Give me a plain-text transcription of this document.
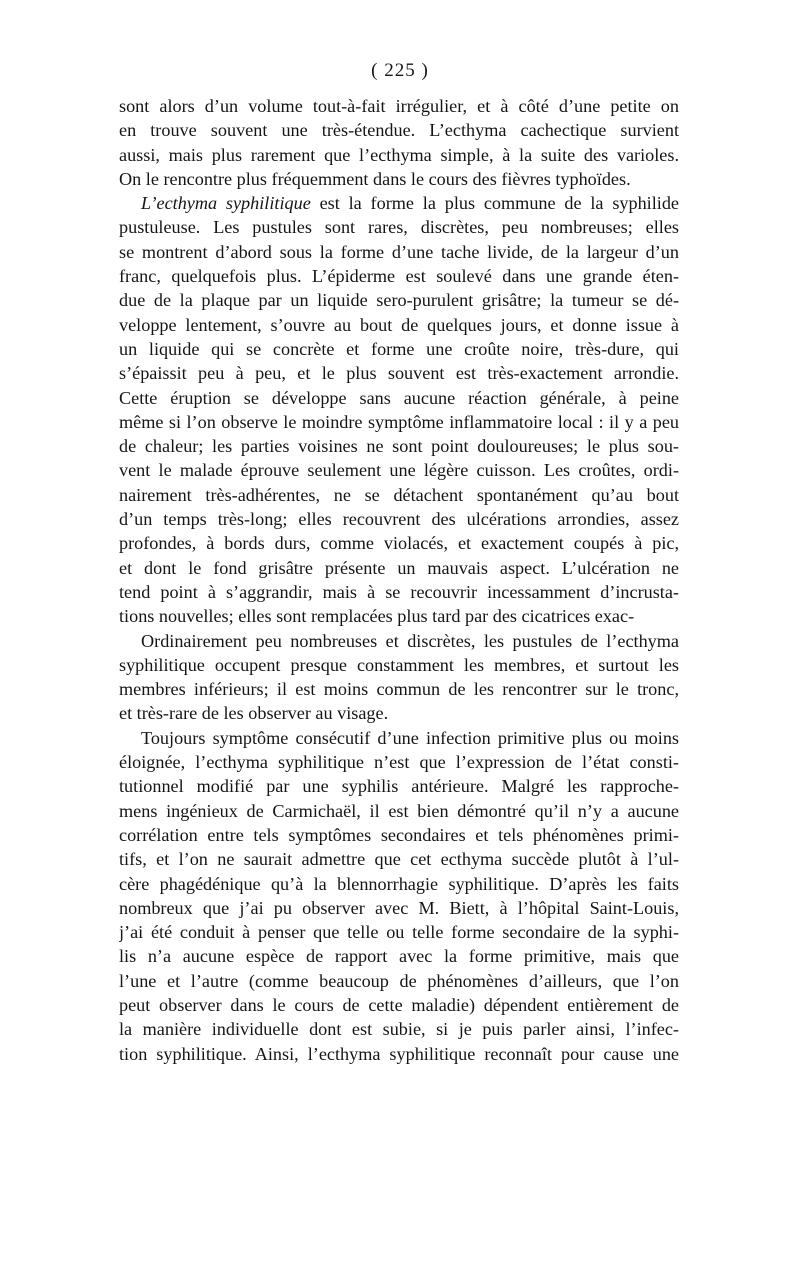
( 225 )
sont alors d’un volume tout-à-fait irrégulier, et à côté d’une petite on
en trouve souvent une très-étendue. L’ecthyma cachectique survient
aussi, mais plus rarement que l’ecthyma simple, à la suite des varioles.
On le rencontre plus fréquemment dans le cours des fièvres typhoïdes.
L’ecthyma syphilitique est la forme la plus commune de la syphilide
pustuleuse. Les pustules sont rares, discrètes, peu nombreuses; elles
se montrent d’abord sous la forme d’une tache livide, de la largeur d’un
franc, quelquefois plus. L’épiderme est soulevé dans une grande éten-
due de la plaque par un liquide sero-purulent grisâtre; la tumeur se dé-
veloppe lentement, s’ouvre au bout de quelques jours, et donne issue à
un liquide qui se concrète et forme une croûte noire, très-dure, qui
s’épaissit peu à peu, et le plus souvent est très-exactement arrondie.
Cette éruption se développe sans aucune réaction générale, à peine
même si l’on observe le moindre symptôme inflammatoire local : il y a peu
de chaleur; les parties voisines ne sont point douloureuses; le plus sou-
vent le malade éprouve seulement une légère cuisson. Les croûtes, ordi-
nairement très-adhérentes, ne se détachent spontanément qu’au bout
d’un temps très-long; elles recouvrent des ulcérations arrondies, assez
profondes, à bords durs, comme violacés, et exactement coupés à pic,
et dont le fond grisâtre présente un mauvais aspect. L’ulcération ne
tend point à s’aggrandir, mais à se recouvrir incessamment d’incrusta-
tions nouvelles; elles sont remplacées plus tard par des cicatrices exac-
Ordinairement peu nombreuses et discrètes, les pustules de l’ecthyma
syphilitique occupent presque constamment les membres, et surtout les
membres inférieurs; il est moins commun de les rencontrer sur le tronc,
et très-rare de les observer au visage.
Toujours symptôme consécutif d’une infection primitive plus ou moins
éloignée, l’ecthyma syphilitique n’est que l’expression de l’état consti-
tutionnel modifié par une syphilis antérieure. Malgré les rapproche-
mens ingénieux de Carmichaël, il est bien démontré qu’il n’y a aucune
corrélation entre tels symptômes secondaires et tels phénomènes primi-
tifs, et l’on ne saurait admettre que cet ecthyma succède plutôt à l’ul-
cère phagédénique qu’à la blennorrhagie syphilitique. D’après les faits
nombreux que j’ai pu observer avec M. Biett, à l’hôpital Saint-Louis,
j’ai été conduit à penser que telle ou telle forme secondaire de la syphi-
lis n’a aucune espèce de rapport avec la forme primitive, mais que
l’une et l’autre (comme beaucoup de phénomènes d’ailleurs, que l’on
peut observer dans le cours de cette maladie) dépendent entièrement de
la manière individuelle dont est subie, si je puis parler ainsi, l’infec-
tion syphilitique. Ainsi, l’ecthyma syphilitique reconnaît pour cause une
